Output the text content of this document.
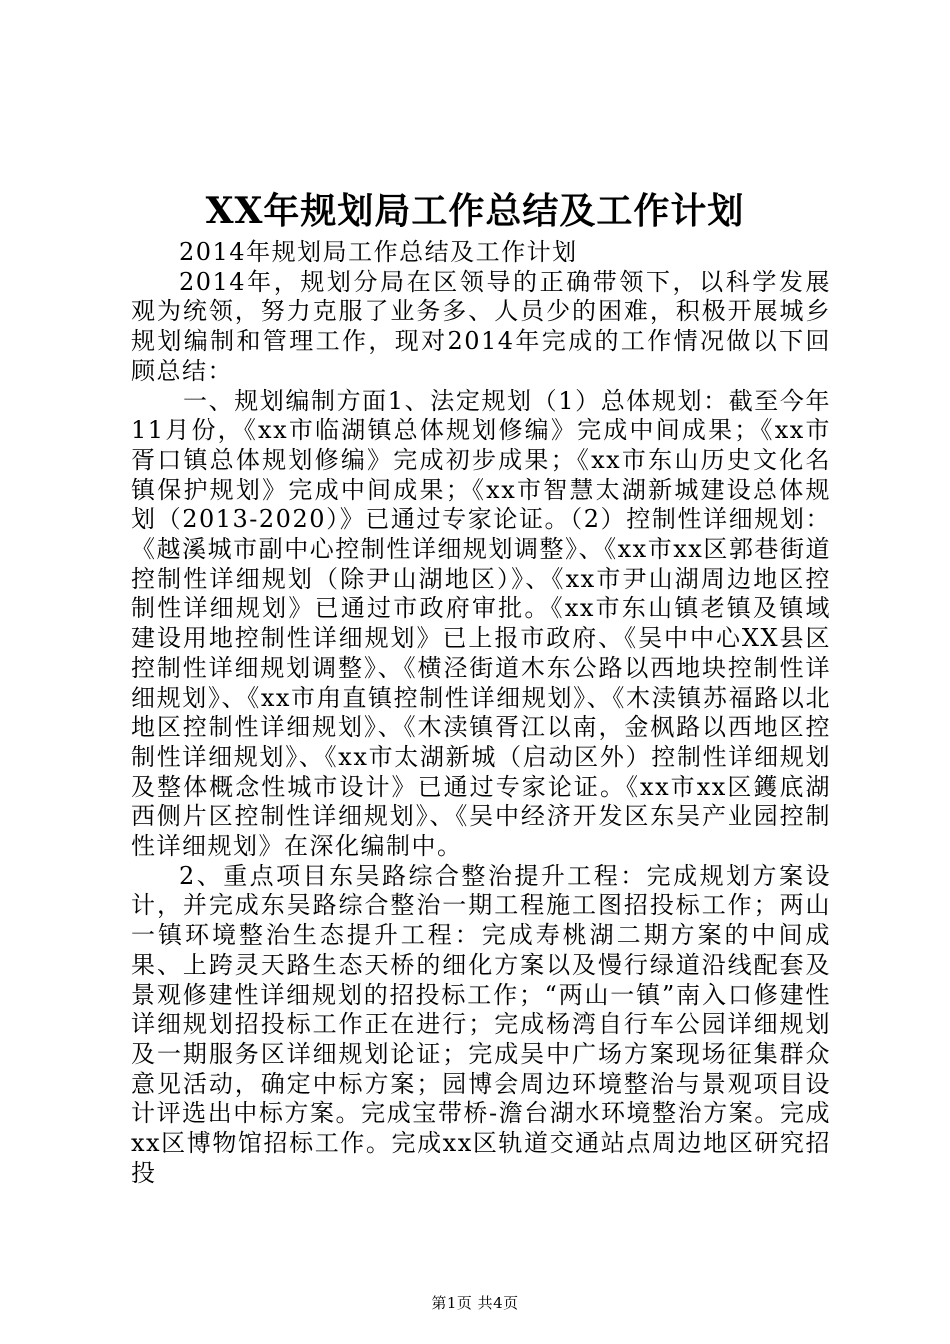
XX年规划局工作总结及工作计划

2014年规划局工作总结及工作计划

2014年，规划分局在区领导的正确带领下，以科学发展观为统领，努力克服了业务多、人员少的困难，积极开展城乡规划编制和管理工作，现对2014年完成的工作情况做以下回顾总结：

一、规划编制方面1、法定规划（1）总体规划：截至今年11月份，《xx市临湖镇总体规划修编》完成中间成果；《xx市胥口镇总体规划修编》完成初步成果；《xx市东山历史文化名镇保护规划》完成中间成果；《xx市智慧太湖新城建设总体规划（2013-2020）》已通过专家论证。（2）控制性详细规划：《越溪城市副中心控制性详细规划调整》、《xx市xx区郭巷街道控制性详细规划（除尹山湖地区）》、《xx市尹山湖周边地区控制性详细规划》已通过市政府审批。《xx市东山镇老镇及镇域建设用地控制性详细规划》已上报市政府、《吴中中心XX县区控制性详细规划调整》、《横泾街道木东公路以西地块控制性详细规划》、《xx市甪直镇控制性详细规划》、《木渎镇苏福路以北地区控制性详细规划》、《木渎镇胥江以南，金枫路以西地区控制性详细规划》、《xx市太湖新城（启动区外）控制性详细规划及整体概念性城市设计》已通过专家论证。《xx市xx区鑊底湖西侧片区控制性详细规划》、《吴中经济开发区东吴产业园控制性详细规划》在深化编制中。

2、重点项目东吴路综合整治提升工程：完成规划方案设计，并完成东吴路综合整治一期工程施工图招投标工作；两山一镇环境整治生态提升工程：完成寿桃湖二期方案的中间成果、上跨灵天路生态天桥的细化方案以及慢行绿道沿线配套及景观修建性详细规划的招投标工作；“两山一镇”南入口修建性详细规划招投标工作正在进行；完成杨湾自行车公园详细规划及一期服务区详细规划论证；完成吴中广场方案现场征集群众意见活动，确定中标方案；园博会周边环境整治与景观项目设计评选出中标方案。完成宝带桥-澹台湖水环境整治方案。完成xx区博物馆招标工作。完成xx区轨道交通站点周边地区研究招投

第1页 共4页
